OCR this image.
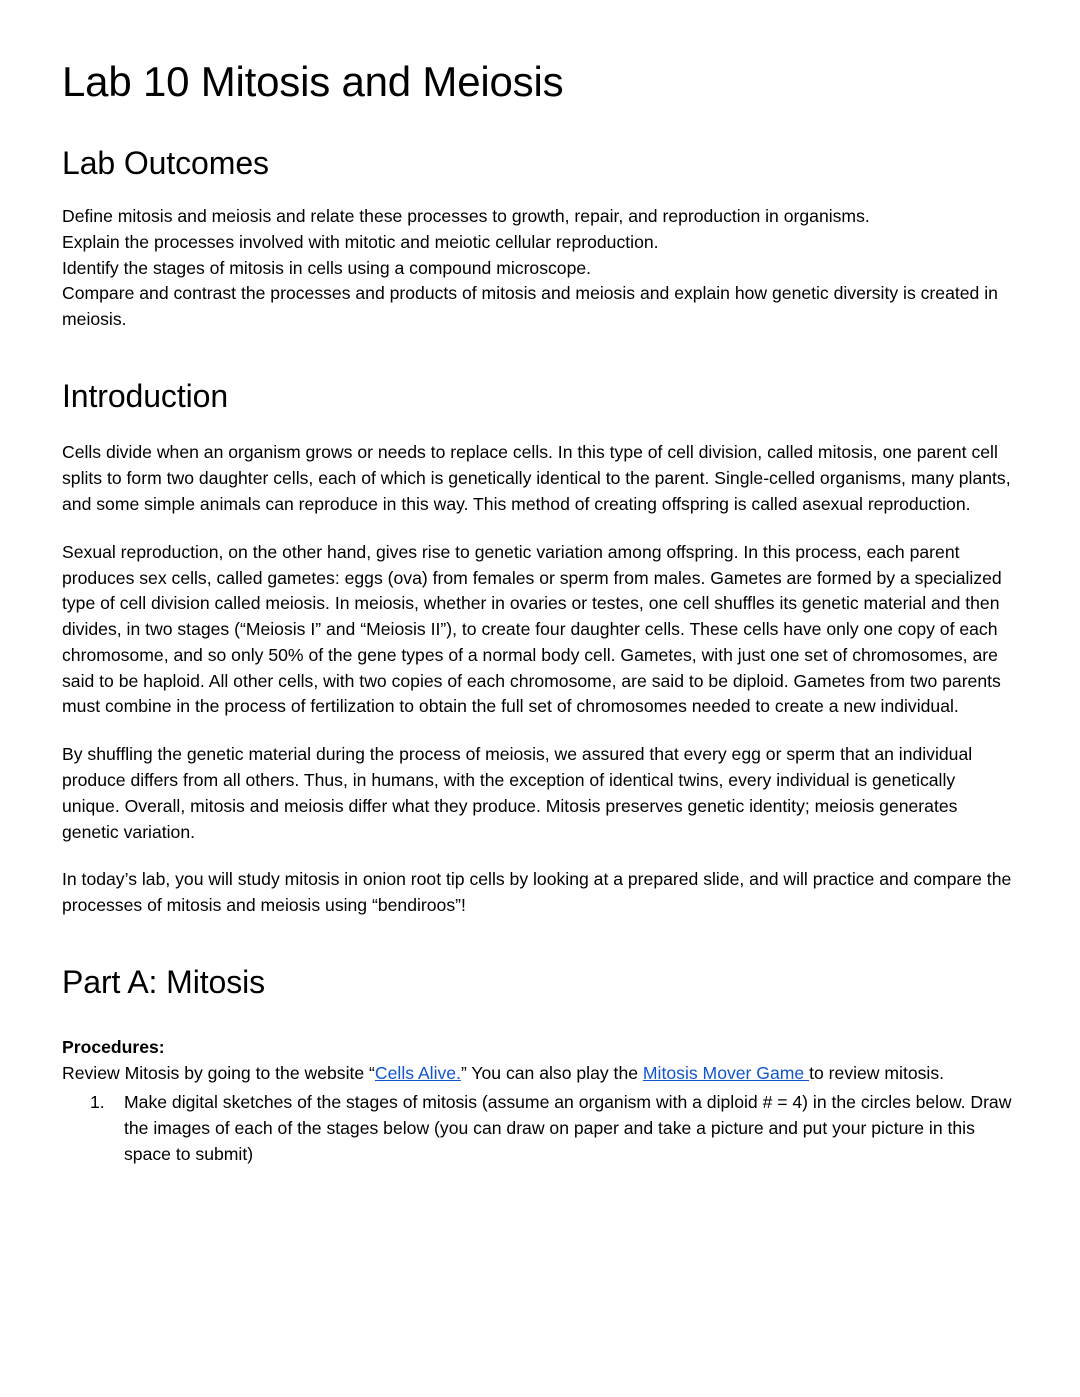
Lab 10 Mitosis and Meiosis
Lab Outcomes
Define mitosis and meiosis and relate these processes to growth, repair, and reproduction in organisms.
Explain the processes involved with mitotic and meiotic cellular reproduction.
Identify the stages of mitosis in cells using a compound microscope.
Compare and contrast the processes and products of mitosis and meiosis and explain how genetic diversity is created in meiosis.
Introduction

Cells divide when an organism grows or needs to replace cells. In this type of cell division, called mitosis, one parent cell splits to form two daughter cells, each of which is genetically identical to the parent. Single-celled organisms, many plants, and some simple animals can reproduce in this way. This method of creating offspring is called asexual reproduction.

Sexual reproduction, on the other hand, gives rise to genetic variation among offspring. In this process, each parent produces sex cells, called gametes: eggs (ova) from females or sperm from males. Gametes are formed by a specialized type of cell division called meiosis. In meiosis, whether in ovaries or testes, one cell shuffles its genetic material and then divides, in two stages (“Meiosis I” and “Meiosis II”), to create four daughter cells. These cells have only one copy of each chromosome, and so only 50% of the gene types of a normal body cell. Gametes, with just one set of chromosomes, are said to be haploid. All other cells, with two copies of each chromosome, are said to be diploid. Gametes from two parents must combine in the process of fertilization to obtain the full set of chromosomes needed to create a new individual.

By shuffling the genetic material during the process of meiosis, we assured that every egg or sperm that an individual produce differs from all others. Thus, in humans, with the exception of identical twins, every individual is genetically unique. Overall, mitosis and meiosis differ what they produce. Mitosis preserves genetic identity; meiosis generates genetic variation.

In today’s lab, you will study mitosis in onion root tip cells by looking at a prepared slide, and will practice and compare the processes of mitosis and meiosis using “bendiroos”!

Part A: Mitosis
Procedures:

Review Mitosis by going to the website “Cells Alive.” You can also play the Mitosis Mover Game to review mitosis.

Make digital sketches of the stages of mitosis (assume an organism with a diploid # = 4) in the circles below. Draw the images of each of the stages below (you can draw on paper and take a picture and put your picture in this space to submit)
